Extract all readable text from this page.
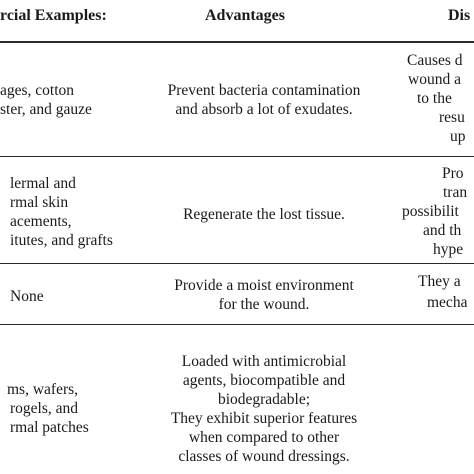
rcial Examples:	Advantages	Dis
ages, cotton
ster, and gauze
Prevent bacteria contamination
and absorb a lot of exudates.
Causes d
wound a
to the
resu
up
lermal and
rmal skin
acements,
itutes, and grafts
Regenerate the lost tissue.
Pro
tran
possibilit
and th
hype
None
Provide a moist environment
for the wound.
They a
mecha
ms, wafers,
rogels, and
rmal patches
Loaded with antimicrobial
agents, biocompatible and
biodegradable;
They exhibit superior features
when compared to other
classes of wound dressings.
